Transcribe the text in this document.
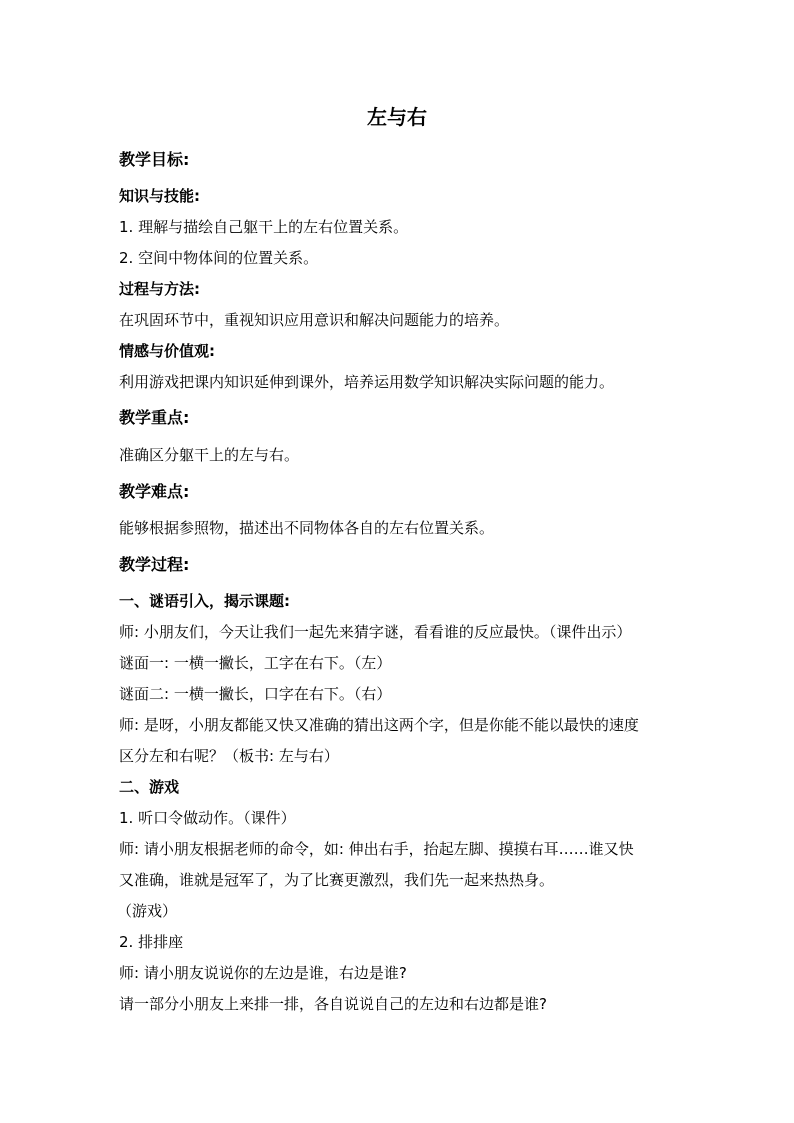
左与右
教学目标:
知识与技能:
1. 理解与描绘自己躯干上的左右位置关系。
2. 空间中物体间的位置关系。
过程与方法:
在巩固环节中，重视知识应用意识和解决问题能力的培养。
情感与价值观:
利用游戏把课内知识延伸到课外，培养运用数学知识解决实际问题的能力。
教学重点:
准确区分躯干上的左与右。
教学难点:
能够根据参照物，描述出不同物体各自的左右位置关系。
教学过程:
一、谜语引入，揭示课题:
师: 小朋友们，今天让我们一起先来猜字谜，看看谁的反应最快。（课件出示）
谜面一: 一横一撇长，工字在右下。（左）
谜面二: 一横一撇长，口字在右下。（右）
师: 是呀，小朋友都能又快又准确的猜出这两个字，但是你能不能以最快的速度
区分左和右呢？（板书: 左与右）
二、游戏
1. 听口令做动作。（课件）
师: 请小朋友根据老师的命令，如: 伸出右手，抬起左脚、摸摸右耳……谁又快
又准确，谁就是冠军了，为了比赛更激烈，我们先一起来热热身。
（游戏）
2. 排排座
师: 请小朋友说说你的左边是谁，右边是谁?
请一部分小朋友上来排一排，各自说说自己的左边和右边都是谁?
